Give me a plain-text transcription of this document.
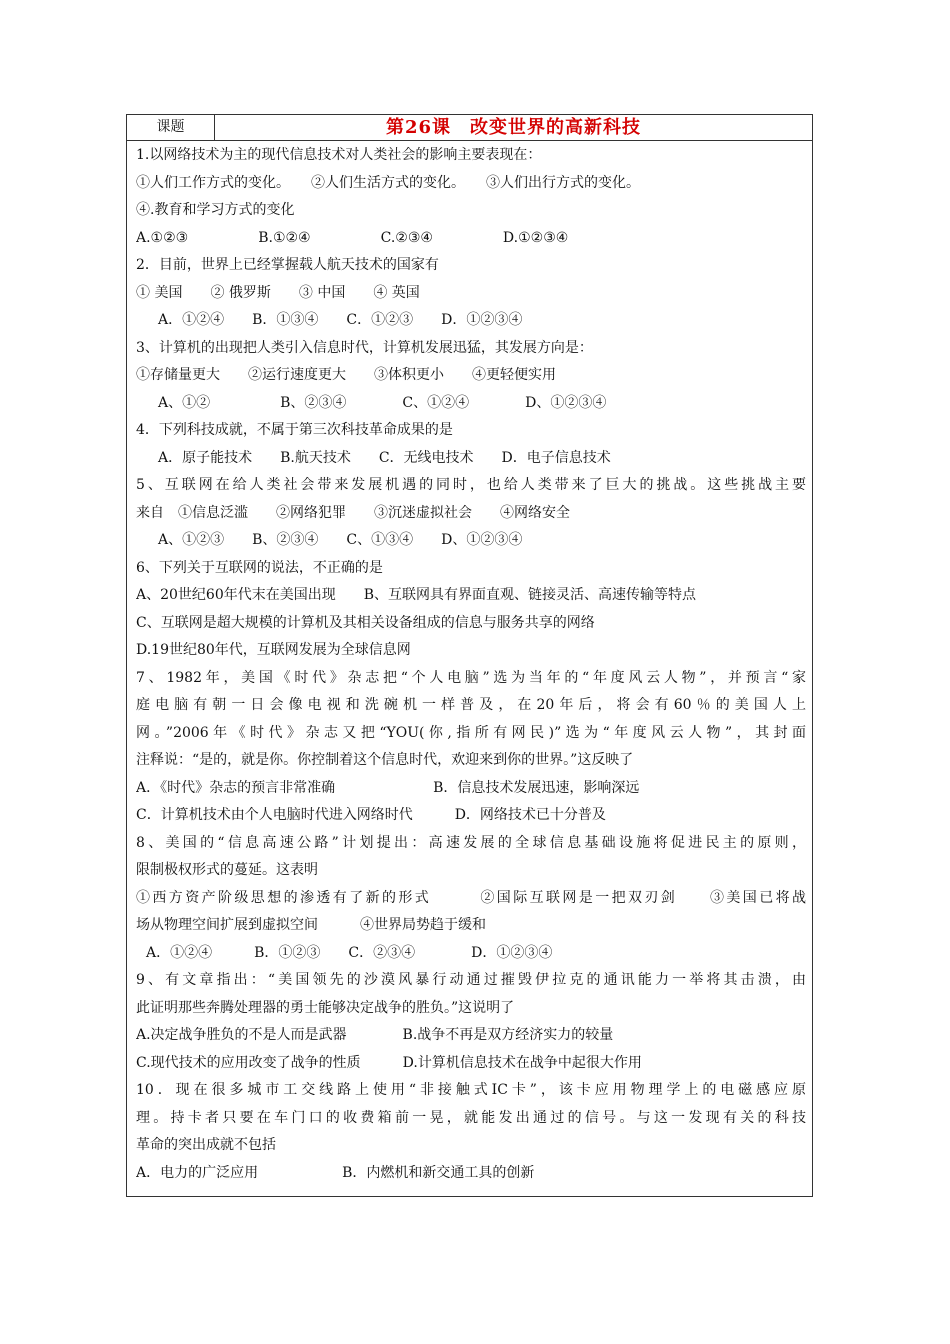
课题	第26课　改变世界的高新科技
1.以网络技术为主的现代信息技术对人类社会的影响主要表现在：
①人们工作方式的变化。　　②人们生活方式的变化。　　③人们出行方式的变化。
④.教育和学习方式的变化
A.①②③　　　　　B.①②④　　　　　C.②③④　　　　　D.①②③④
2．目前，世界上已经掌握载人航天技术的国家有
① 美国　　② 俄罗斯　　③ 中国　　④ 英国
A．①②④　　B．①③④　　C．①②③　　D．①②③④
3、计算机的出现把人类引入信息时代，计算机发展迅猛，其发展方向是：
①存储量更大　　②运行速度更大　　③体积更小　　④更轻便实用
A、①②　　　　　B、②③④　　　　C、①②④　　　　D、①②③④
4．下列科技成就，不属于第三次科技革命成果的是
A．原子能技术　　B.航天技术　　C．无线电技术　　D．电子信息技术
5、互联网在给人类社会带来发展机遇的同时，也给人类带来了巨大的挑战。这些挑战主要
来自　①信息泛滥　　②网络犯罪　　③沉迷虚拟社会　　④网络安全
A、①②③　　B、②③④　　C、①③④　　D、①②③④
6、下列关于互联网的说法，不正确的是
A、20世纪60年代末在美国出现　　B、互联网具有界面直观、链接灵活、高速传输等特点
C、互联网是超大规模的计算机及其相关设备组成的信息与服务共享的网络
D.19世纪80年代，互联网发展为全球信息网
7、1982年，美国《时代》杂志把“个人电脑”选为当年的“年度风云人物”，并预言“家
庭电脑有朝一日会像电视和洗碗机一样普及，在20年后，将会有60％的美国人上
网。”2006年《时代》杂志又把“YOU(你,指所有网民)”选为“年度风云人物”，其封面
注释说：“是的，就是你。你控制着这个信息时代，欢迎来到你的世界。”这反映了
A．《时代》杂志的预言非常准确　　　　　　　B．信息技术发展迅速，影响深远
C．计算机技术由个人电脑时代进入网络时代　　　D．网络技术已十分普及
8、美国的“信息高速公路”计划提出：高速发展的全球信息基础设施将促进民主的原则，
限制极权形式的蔓延。这表明
①西方资产阶级思想的渗透有了新的形式　　　②国际互联网是一把双刃剑　　③美国已将战
场从物理空间扩展到虚拟空间　　　④世界局势趋于缓和
A．①②④　　　B．①②③　　C．②③④　　　　D．①②③④
9、有文章指出：“美国领先的沙漠风暴行动通过摧毁伊拉克的通讯能力一举将其击溃，由
此证明那些奔腾处理器的勇士能够决定战争的胜负。”这说明了
A.决定战争胜负的不是人而是武器　　　　B.战争不再是双方经济实力的较量
C.现代技术的应用改变了战争的性质　　　D.计算机信息技术在战争中起很大作用
10．现在很多城市工交线路上使用“非接触式IC卡”，该卡应用物理学上的电磁感应原
理。持卡者只要在车门口的收费箱前一晃，就能发出通过的信号。与这一发现有关的科技
革命的突出成就不包括
A．电力的广泛应用　　　　　　B．内燃机和新交通工具的创新
